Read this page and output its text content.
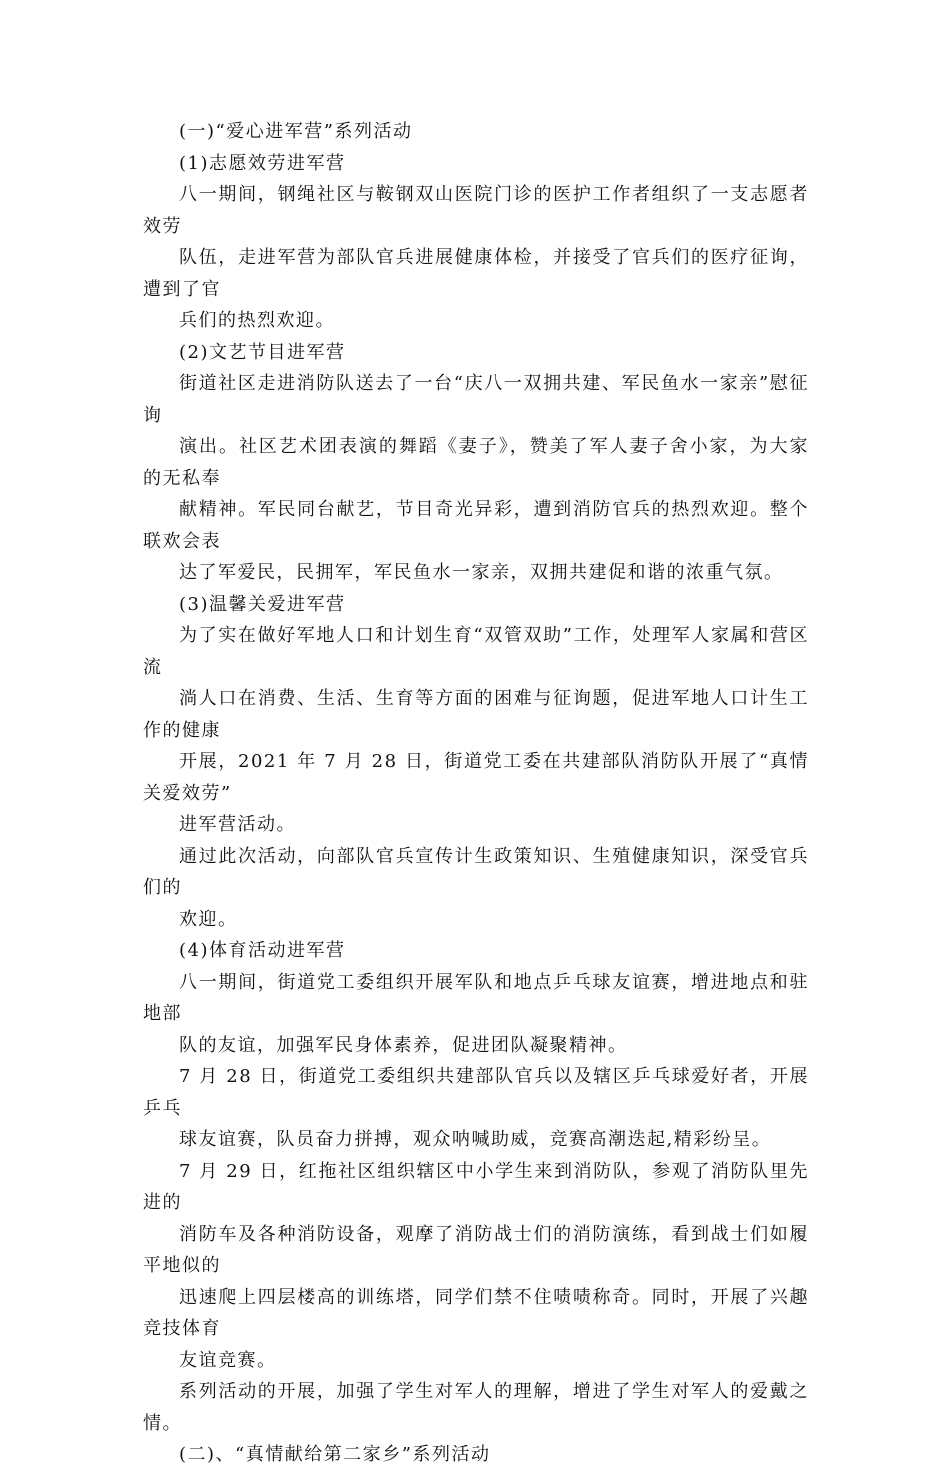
(一)“爱心进军营”系列活动

(1)志愿效劳进军营

八一期间，钢绳社区与鞍钢双山医院门诊的医护工作者组织了一支志愿者效劳
队伍，走进军营为部队官兵进展健康体检，并接受了官兵们的医疗征询，遭到了官
兵们的热烈欢迎。

(2)文艺节目进军营

街道社区走进消防队送去了一台“庆八一双拥共建、军民鱼水一家亲”慰征询
演出。社区艺术团表演的舞蹈《妻子》，赞美了军人妻子舍小家，为大家的无私奉
献精神。军民同台献艺，节目奇光异彩，遭到消防官兵的热烈欢迎。整个联欢会表
达了军爱民，民拥军，军民鱼水一家亲，双拥共建促和谐的浓重气氛。

(3)温馨关爱进军营

为了实在做好军地人口和计划生育“双管双助”工作，处理军人家属和营区流
淌人口在消费、生活、生育等方面的困难与征询题，促进军地人口计生工作的健康
开展，2021 年 7 月 28 日，街道党工委在共建部队消防队开展了“真情关爱效劳”
进军营活动。

通过此次活动，向部队官兵宣传计生政策知识、生殖健康知识，深受官兵们的
欢迎。

(4)体育活动进军营

八一期间，街道党工委组织开展军队和地点乒乓球友谊赛，增进地点和驻地部
队的友谊，加强军民身体素养，促进团队凝聚精神。

7 月 28 日，街道党工委组织共建部队官兵以及辖区乒乓球爱好者，开展乒乓
球友谊赛，队员奋力拼搏，观众呐喊助威，竞赛高潮迭起,精彩纷呈。

7 月 29 日，红拖社区组织辖区中小学生来到消防队，参观了消防队里先进的
消防车及各种消防设备，观摩了消防战士们的消防演练，看到战士们如履平地似的
迅速爬上四层楼高的训练塔，同学们禁不住啧啧称奇。同时，开展了兴趣竞技体育
友谊竞赛。

系列活动的开展，加强了学生对军人的理解，增进了学生对军人的爱戴之情。

(二)、“真情献给第二家乡”系列活动
